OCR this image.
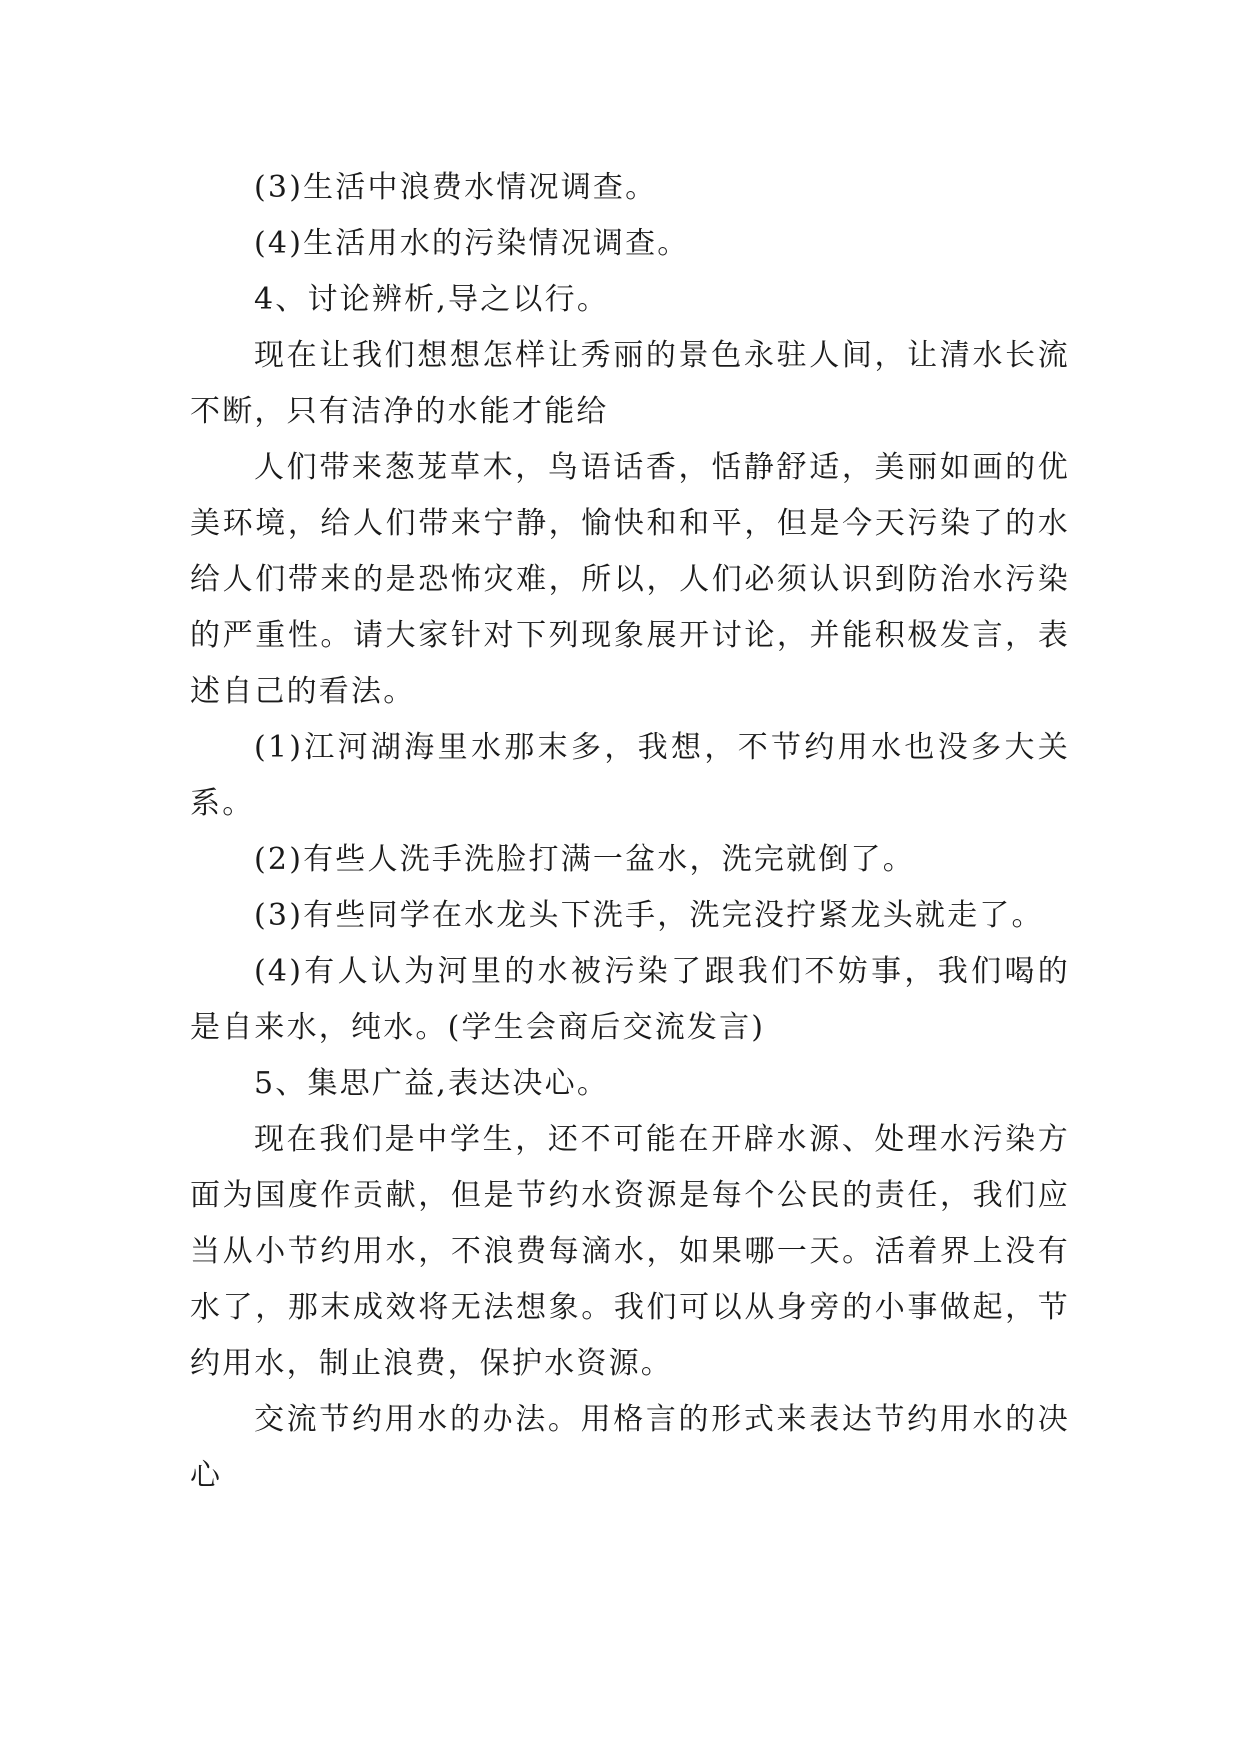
(3)生活中浪费水情况调查。

(4)生活用水的污染情况调查。

4、讨论辨析,导之以行。

现在让我们想想怎样让秀丽的景色永驻人间，让清水长流不断，只有洁净的水能才能给

人们带来葱茏草木，鸟语话香，恬静舒适，美丽如画的优美环境，给人们带来宁静，愉快和和平，但是今天污染了的水给人们带来的是恐怖灾难，所以，人们必须认识到防治水污染的严重性。请大家针对下列现象展开讨论，并能积极发言，表述自己的看法。

(1)江河湖海里水那末多，我想，不节约用水也没多大关系。

(2)有些人洗手洗脸打满一盆水，洗完就倒了。

(3)有些同学在水龙头下洗手，洗完没拧紧龙头就走了。

(4)有人认为河里的水被污染了跟我们不妨事，我们喝的是自来水，纯水。(学生会商后交流发言)

5、集思广益,表达决心。

现在我们是中学生，还不可能在开辟水源、处理水污染方面为国度作贡献，但是节约水资源是每个公民的责任，我们应当从小节约用水，不浪费每滴水，如果哪一天。活着界上没有水了，那末成效将无法想象。我们可以从身旁的小事做起，节约用水，制止浪费，保护水资源。

交流节约用水的办法。用格言的形式来表达节约用水的决心
